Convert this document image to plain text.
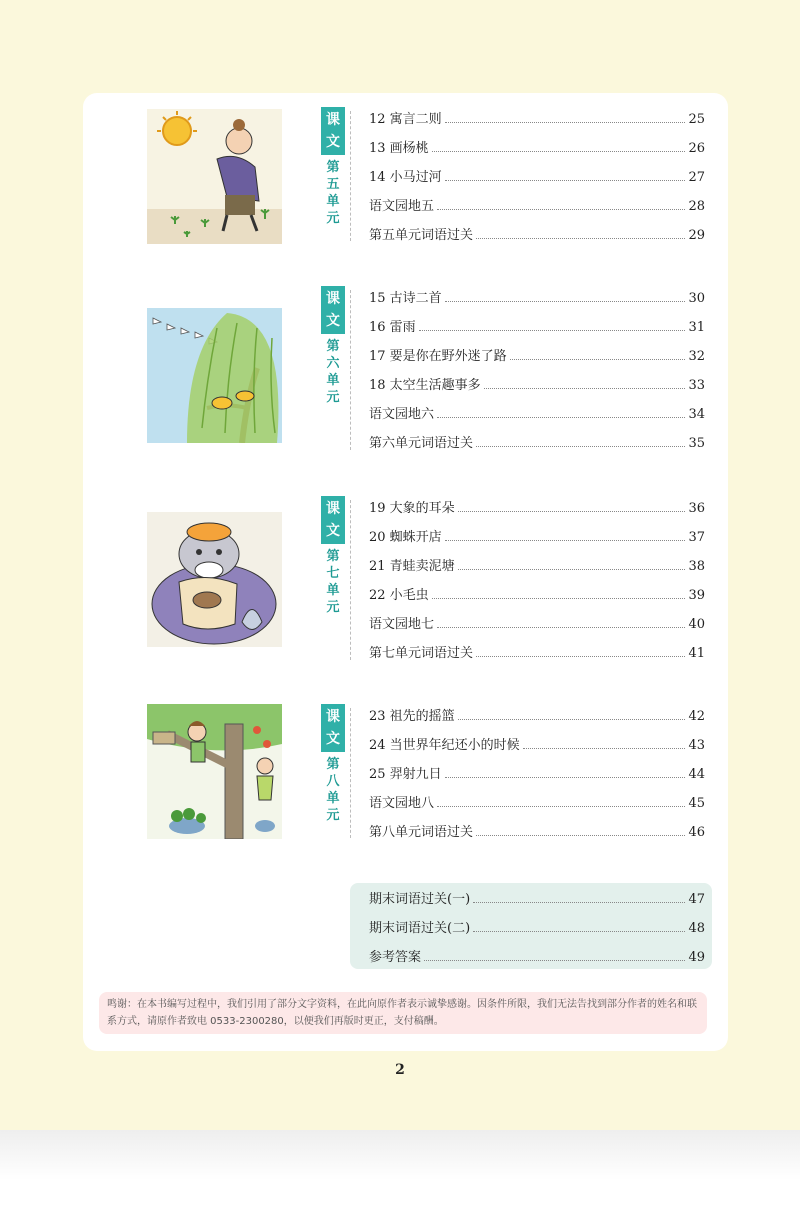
课文
第五单元
12 寓言二则	25
13 画杨桃	26
14 小马过河	27
语文园地五	28
第五单元词语过关	29
课文
第六单元
15 古诗二首	30
16 雷雨	31
17 要是你在野外迷了路	32
18 太空生活趣事多	33
语文园地六	34
第六单元词语过关	35
课文
第七单元
19 大象的耳朵	36
20 蜘蛛开店	37
21 青蛙卖泥塘	38
22 小毛虫	39
语文园地七	40
第七单元词语过关	41
课文
第八单元
23 祖先的摇篮	42
24 当世界年纪还小的时候	43
25 羿射九日	44
语文园地八	45
第八单元词语过关	46
期末词语过关(一)	47
期末词语过关(二)	48
参考答案	49
鸣谢：在本书编写过程中，我们引用了部分文字资料，在此向原作者表示诚挚感谢。因条件所限，我们无法告找到部分作者的姓名和联系方式，请原作者致电 0533-2300280，以便我们再版时更正，支付稿酬。
2
